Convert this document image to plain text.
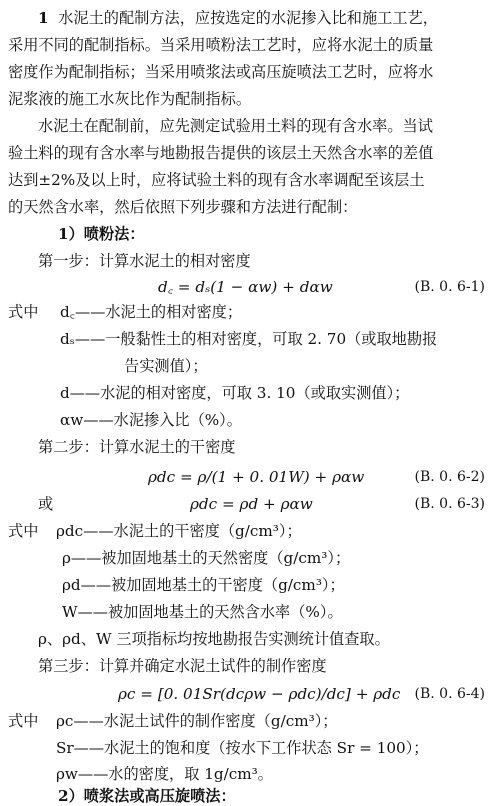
1 水泥土的配制方法，应按选定的水泥掺入比和施工工艺，
采用不同的配制指标。当采用喷粉法工艺时，应将水泥土的质量
密度作为配制指标；当采用喷浆法或高压旋喷法工艺时，应将水
泥浆液的施工水灰比作为配制指标。
水泥土在配制前，应先测定试验用土料的现有含水率。当试
验土料的现有含水率与地勘报告提供的该层土天然含水率的差值
达到±2%及以上时，应将试验土料的现有含水率调配至该层土
的天然含水率，然后依照下列步骤和方法进行配制：
1）喷粉法：
第一步：计算水泥土的相对密度
d꜀ = dₛ(1 − αw) + dαw	(B. 0. 6-1)
式中 d꜀——水泥土的相对密度；
dₛ——一般黏性土的相对密度，可取 2. 70（或取地勘报
告实测值）；
d——水泥的相对密度，可取 3. 10（或取实测值）；
αw——水泥掺入比（%）。
第二步：计算水泥土的干密度
ρdc = ρ/(1 + 0. 01W) + ραw	(B. 0. 6-2)
或	ρdc = ρd + ραw	(B. 0. 6-3)
式中 ρdc——水泥土的干密度（g/cm³）；
ρ——被加固地基土的天然密度（g/cm³）；
ρd——被加固地基土的干密度（g/cm³）；
W——被加固地基土的天然含水率（%）。
ρ、ρd、W 三项指标均按地勘报告实测统计值查取。
第三步：计算并确定水泥土试件的制作密度
ρc = [0. 01Sr(dcρw − ρdc)/dc] + ρdc (B. 0. 6-4)
式中 ρc——水泥土试件的制作密度（g/cm³）；
Sr——水泥土的饱和度（按水下工作状态 Sr = 100）；
ρw——水的密度，取 1g/cm³。
2）喷浆法或高压旋喷法：
